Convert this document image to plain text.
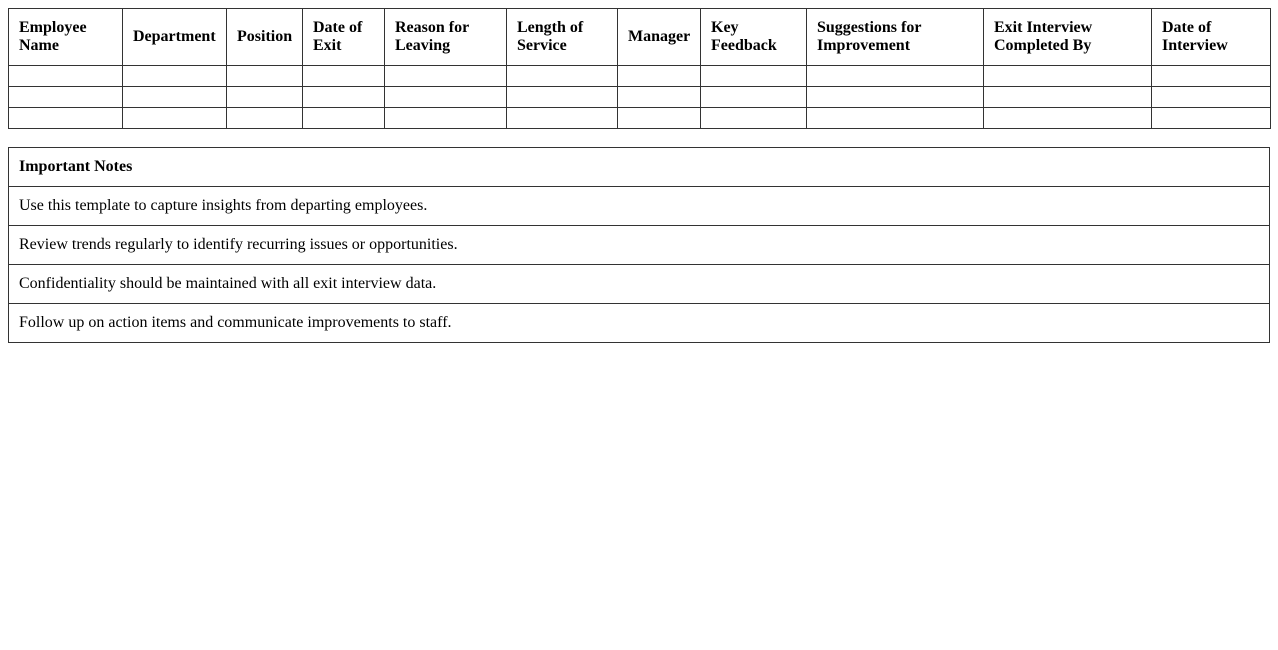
Employee Name	Department	Position	Date of Exit	Reason for Leaving	Length of Service	Manager	Key Feedback	Suggestions for Improvement	Exit Interview Completed By	Date of Interview

Important Notes
Use this template to capture insights from departing employees.
Review trends regularly to identify recurring issues or opportunities.
Confidentiality should be maintained with all exit interview data.
Follow up on action items and communicate improvements to staff.
